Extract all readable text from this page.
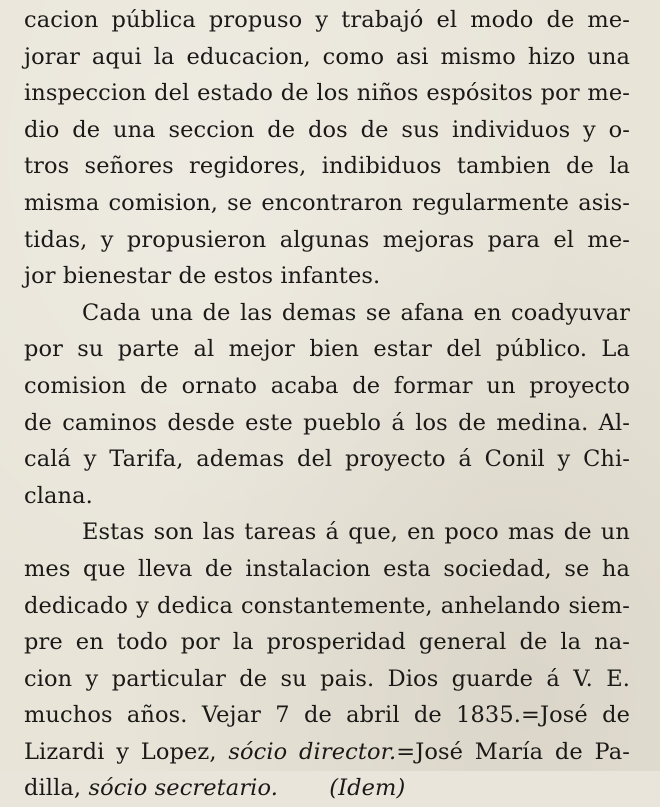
cacion pública propuso y trabajó el modo de me-
jorar aqui la educacion, como asi mismo hizo una
inspeccion del estado de los niños espósitos por me-
dio de una seccion de dos de sus individuos y o-
tros señores regidores, indibiduos tambien de la
misma comision, se encontraron regularmente asis-
tidas, y propusieron algunas mejoras para el me-
jor bienestar de estos infantes.
Cada una de las demas se afana en coadyuvar
por su parte al mejor bien estar del público. La
comision de ornato acaba de formar un proyecto
de caminos desde este pueblo á los de medina. Al-
calá y Tarifa, ademas del proyecto á Conil y Chi-
clana.
Estas son las tareas á que, en poco mas de un
mes que lleva de instalacion esta sociedad, se ha
dedicado y dedica constantemente, anhelando siem-
pre en todo por la prosperidad general de la na-
cion y particular de su pais. Dios guarde á V. E.
muchos años. Vejar 7 de abril de 1835.=José de
Lizardi y Lopez, sócio director.=José María de Pa-
dilla, sócio secretario. (Idem)
